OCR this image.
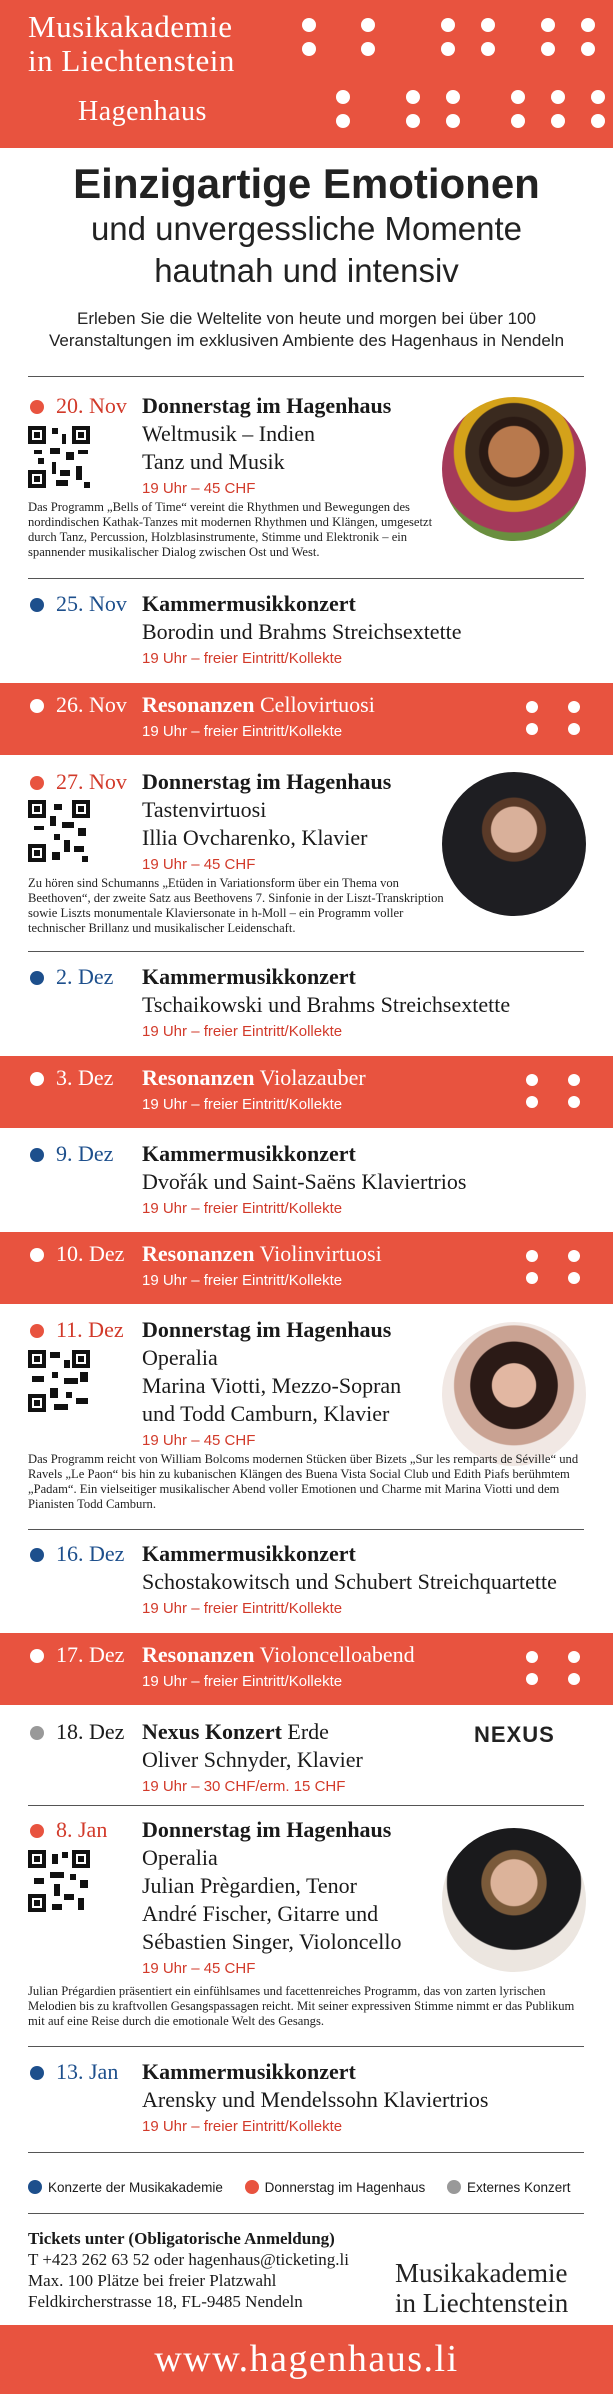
Musikakademie
in Liechtenstein
Hagenhaus
Einzigartige Emotionen
und unvergessliche Momente
hautnah und intensiv

Erleben Sie die Weltelite von heute und morgen bei über 100 Veranstaltungen im exklusiven Ambiente des Hagenhaus in Nendeln

20. Nov Donnerstag im Hagenhaus
Weltmusik – Indien
Tanz und Musik
19 Uhr – 45 CHF
Das Programm „Bells of Time“ vereint die Rhythmen und Bewegungen des nordindischen Kathak-Tanzes mit modernen Rhythmen und Klängen, umgesetzt durch Tanz, Percussion, Holzblasinstrumente, Stimme und Elektronik – ein spannender musikalischer Dialog zwischen Ost und West.
25. Nov Kammermusikkonzert
Borodin und Brahms Streichsextette
19 Uhr – freier Eintritt/Kollekte
26. Nov Resonanzen Cellovirtuosi
19 Uhr – freier Eintritt/Kollekte
27. Nov Donnerstag im Hagenhaus
Tastenvirtuosi
Illia Ovcharenko, Klavier
19 Uhr – 45 CHF
Zu hören sind Schumanns „Etüden in Variationsform über ein Thema von Beethoven“, der zweite Satz aus Beethovens 7. Sinfonie in der Liszt-Transkription sowie Liszts monumentale Klaviersonate in h-Moll – ein Programm voller technischer Brillanz und musikalischer Leidenschaft.
2. Dez Kammermusikkonzert
Tschaikowski und Brahms Streichsextette
19 Uhr – freier Eintritt/Kollekte
3. Dez Resonanzen Violazauber
19 Uhr – freier Eintritt/Kollekte
9. Dez Kammermusikkonzert
Dvořák und Saint-Saëns Klaviertrios
19 Uhr – freier Eintritt/Kollekte
10. Dez Resonanzen Violinvirtuosi
19 Uhr – freier Eintritt/Kollekte
11. Dez Donnerstag im Hagenhaus
Operalia
Marina Viotti, Mezzo-Sopran
und Todd Camburn, Klavier
19 Uhr – 45 CHF
Das Programm reicht von William Bolcoms modernen Stücken über Bizets „Sur les remparts de Séville“ und Ravels „Le Paon“ bis hin zu kubanischen Klängen des Buena Vista Social Club und Edith Piafs berühmtem „Padam“. Ein vielseitiger musikalischer Abend voller Emotionen und Charme mit Marina Viotti und dem Pianisten Todd Camburn.
16. Dez Kammermusikkonzert
Schostakowitsch und Schubert Streichquartette
19 Uhr – freier Eintritt/Kollekte
17. Dez Resonanzen Violoncelloabend
19 Uhr – freier Eintritt/Kollekte
18. Dez Nexus Konzert Erde
Oliver Schnyder, Klavier
19 Uhr – 30 CHF/erm. 15 CHF
NEXUS
8. Jan Donnerstag im Hagenhaus
Operalia
Julian Prègardien, Tenor
André Fischer, Gitarre und
Sébastien Singer, Violoncello
19 Uhr – 45 CHF
Julian Prégardien präsentiert ein einfühlsames und facettenreiches Programm, das von zarten lyrischen Melodien bis zu kraftvollen Gesangspassagen reicht. Mit seiner expressiven Stimme nimmt er das Publikum mit auf eine Reise durch die emotionale Welt des Gesangs.
13. Jan Kammermusikkonzert
Arensky und Mendelssohn Klaviertrios
19 Uhr – freier Eintritt/Kollekte
Konzerte der Musikakademie	Donnerstag im Hagenhaus	Externes Konzert
Tickets unter (Obligatorische Anmeldung)
T +423 262 63 52 oder hagenhaus@ticketing.li
Max. 100 Plätze bei freier Platzwahl
Feldkircherstrasse 18, FL-9485 Nendeln
Musikakademie
in Liechtenstein
www.hagenhaus.li
